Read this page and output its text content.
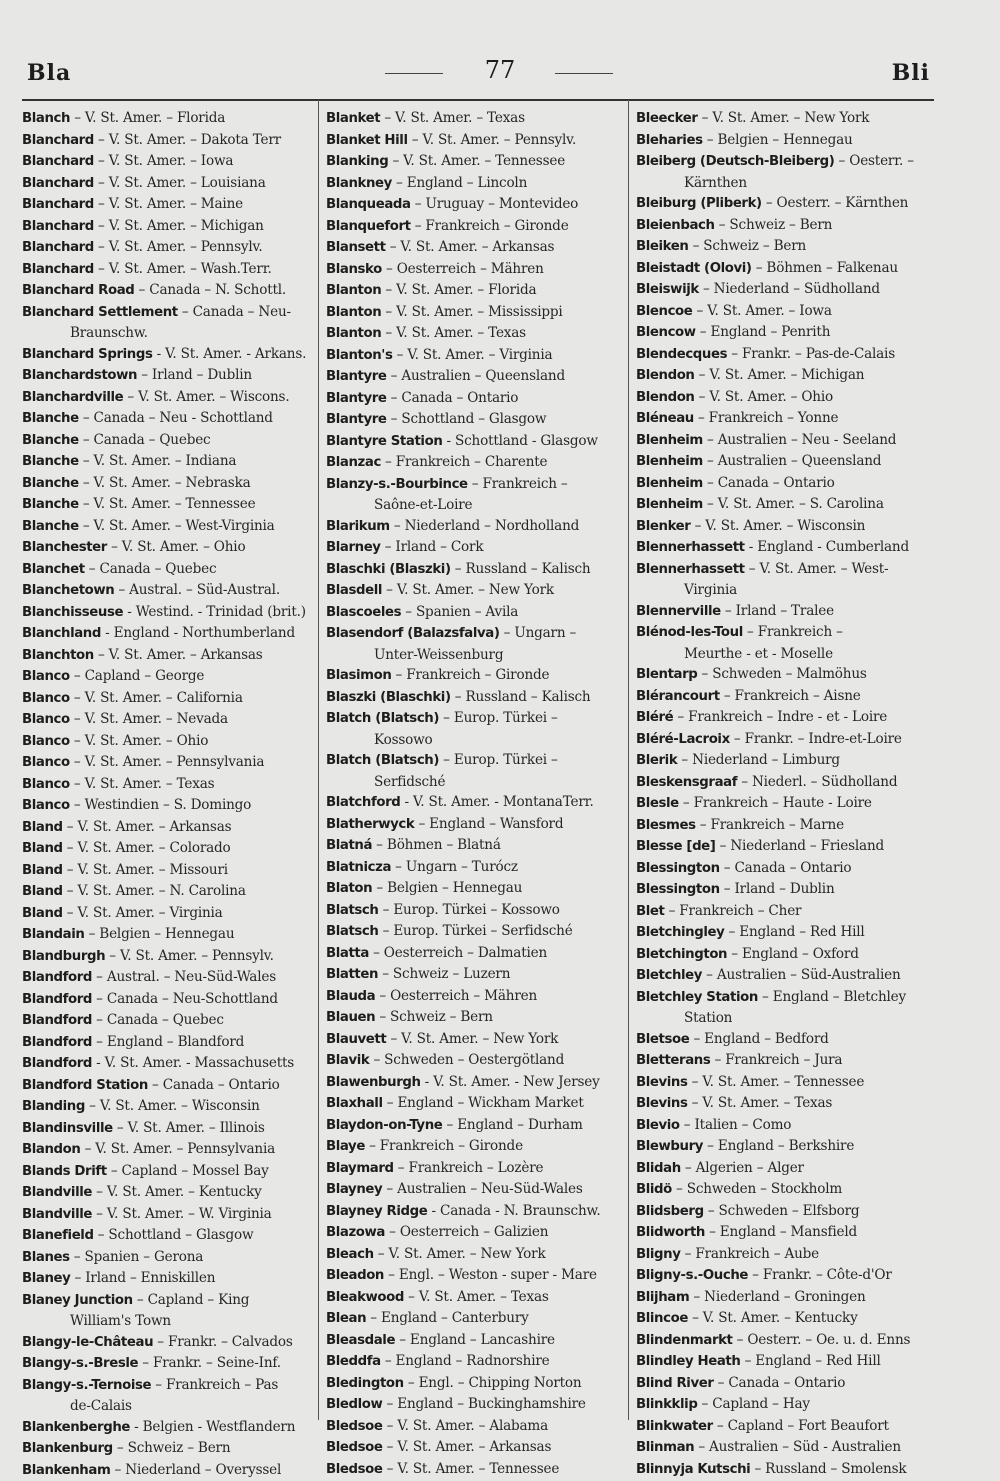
Bla	77	Bli
Blanch – V. St. Amer. – Florida
Blanchard – V. St. Amer. – Dakota Terr
Blanchard – V. St. Amer. – Iowa
Blanchard – V. St. Amer. – Louisiana
Blanchard – V. St. Amer. – Maine
Blanchard – V. St. Amer. – Michigan
Blanchard – V. St. Amer. – Pennsylv.
Blanchard – V. St. Amer. – Wash.Terr.
Blanchard Road – Canada – N. Schottl.
Blanchard Settlement – Canada – Neu-
Braunschw.
Blanchard Springs - V. St. Amer. - Arkans.
Blanchardstown – Irland – Dublin
Blanchardville – V. St. Amer. – Wiscons.
Blanche – Canada – Neu - Schottland
Blanche – Canada – Quebec
Blanche – V. St. Amer. – Indiana
Blanche – V. St. Amer. – Nebraska
Blanche – V. St. Amer. – Tennessee
Blanche – V. St. Amer. – West-Virginia
Blanchester – V. St. Amer. – Ohio
Blanchet – Canada – Quebec
Blanchetown – Austral. – Süd-Austral.
Blanchisseuse - Westind. - Trinidad (brit.)
Blanchland - England - Northumberland
Blanchton – V. St. Amer. – Arkansas
Blanco – Capland – George
Blanco – V. St. Amer. – California
Blanco – V. St. Amer. – Nevada
Blanco – V. St. Amer. – Ohio
Blanco – V. St. Amer. – Pennsylvania
Blanco – V. St. Amer. – Texas
Blanco – Westindien – S. Domingo
Bland – V. St. Amer. – Arkansas
Bland – V. St. Amer. – Colorado
Bland – V. St. Amer. – Missouri
Bland – V. St. Amer. – N. Carolina
Bland – V. St. Amer. – Virginia
Blandain – Belgien – Hennegau
Blandburgh – V. St. Amer. – Pennsylv.
Blandford – Austral. – Neu-Süd-Wales
Blandford – Canada – Neu-Schottland
Blandford – Canada – Quebec
Blandford – England – Blandford
Blandford - V. St. Amer. - Massachusetts
Blandford Station – Canada – Ontario
Blanding – V. St. Amer. – Wisconsin
Blandinsville – V. St. Amer. – Illinois
Blandon – V. St. Amer. – Pennsylvania
Blands Drift – Capland – Mossel Bay
Blandville – V. St. Amer. – Kentucky
Blandville – V. St. Amer. – W. Virginia
Blanefield – Schottland – Glasgow
Blanes – Spanien – Gerona
Blaney – Irland – Enniskillen
Blaney Junction – Capland – King
William's Town
Blangy-le-Château – Frankr. – Calvados
Blangy-s.-Bresle – Frankr. – Seine-Inf.
Blangy-s.-Ternoise – Frankreich – Pas
de-Calais
Blankenberghe - Belgien - Westflandern
Blankenburg – Schweiz – Bern
Blankenham – Niederland – Overyssel
Blanket – V. St. Amer. – Texas
Blanket Hill – V. St. Amer. – Pennsylv.
Blanking – V. St. Amer. – Tennessee
Blankney – England – Lincoln
Blanqueada – Uruguay – Montevideo
Blanquefort – Frankreich – Gironde
Blansett – V. St. Amer. – Arkansas
Blansko – Oesterreich – Mähren
Blanton – V. St. Amer. – Florida
Blanton – V. St. Amer. – Mississippi
Blanton – V. St. Amer. – Texas
Blanton's – V. St. Amer. – Virginia
Blantyre – Australien – Queensland
Blantyre – Canada – Ontario
Blantyre – Schottland – Glasgow
Blantyre Station - Schottland - Glasgow
Blanzac – Frankreich – Charente
Blanzy-s.-Bourbince – Frankreich –
Saône-et-Loire
Blarikum – Niederland – Nordholland
Blarney – Irland – Cork
Blaschki (Blaszki) – Russland – Kalisch
Blasdell – V. St. Amer. – New York
Blascoeles – Spanien – Avila
Blasendorf (Balazsfalva) – Ungarn –
Unter-Weissenburg
Blasimon – Frankreich – Gironde
Blaszki (Blaschki) – Russland – Kalisch
Blatch (Blatsch) – Europ. Türkei –
Kossowo
Blatch (Blatsch) – Europ. Türkei –
Serfidsché
Blatchford - V. St. Amer. - MontanaTerr.
Blatherwyck – England – Wansford
Blatná – Böhmen – Blatná
Blatnicza – Ungarn – Turócz
Blaton – Belgien – Hennegau
Blatsch – Europ. Türkei – Kossowo
Blatsch – Europ. Türkei – Serfidsché
Blatta – Oesterreich – Dalmatien
Blatten – Schweiz – Luzern
Blauda – Oesterreich – Mähren
Blauen – Schweiz – Bern
Blauvett – V. St. Amer. – New York
Blavik – Schweden – Oestergötland
Blawenburgh - V. St. Amer. - New Jersey
Blaxhall – England – Wickham Market
Blaydon-on-Tyne – England – Durham
Blaye – Frankreich – Gironde
Blaymard – Frankreich – Lozère
Blayney – Australien – Neu-Süd-Wales
Blayney Ridge - Canada - N. Braunschw.
Blazowa – Oesterreich – Galizien
Bleach – V. St. Amer. – New York
Bleadon – Engl. – Weston - super - Mare
Bleakwood – V. St. Amer. – Texas
Blean – England – Canterbury
Bleasdale – England – Lancashire
Bleddfa – England – Radnorshire
Bledington – Engl. – Chipping Norton
Bledlow – England – Buckinghamshire
Bledsoe – V. St. Amer. – Alabama
Bledsoe – V. St. Amer. – Arkansas
Bledsoe – V. St. Amer. – Tennessee
Bleecker – V. St. Amer. – New York
Bleharies – Belgien – Hennegau
Bleiberg (Deutsch-Bleiberg) – Oesterr. –
Kärnthen
Bleiburg (Pliberk) – Oesterr. – Kärnthen
Bleienbach – Schweiz – Bern
Bleiken – Schweiz – Bern
Bleistadt (Olovi) – Böhmen – Falkenau
Bleiswijk – Niederland – Südholland
Blencoe – V. St. Amer. – Iowa
Blencow – England – Penrith
Blendecques – Frankr. – Pas-de-Calais
Blendon – V. St. Amer. – Michigan
Blendon – V. St. Amer. – Ohio
Bléneau – Frankreich – Yonne
Blenheim – Australien – Neu - Seeland
Blenheim – Australien – Queensland
Blenheim – Canada – Ontario
Blenheim – V. St. Amer. – S. Carolina
Blenker – V. St. Amer. – Wisconsin
Blennerhassett - England - Cumberland
Blennerhassett – V. St. Amer. – West-
Virginia
Blennerville – Irland – Tralee
Blénod-les-Toul – Frankreich –
Meurthe - et - Moselle
Blentarp – Schweden – Malmöhus
Blérancourt – Frankreich – Aisne
Bléré – Frankreich – Indre - et - Loire
Bléré-Lacroix – Frankr. – Indre-et-Loire
Blerik – Niederland – Limburg
Bleskensgraaf – Niederl. – Südholland
Blesle – Frankreich – Haute - Loire
Blesmes – Frankreich – Marne
Blesse [de] – Niederland – Friesland
Blessington – Canada – Ontario
Blessington – Irland – Dublin
Blet – Frankreich – Cher
Bletchingley – England – Red Hill
Bletchington – England – Oxford
Bletchley – Australien – Süd-Australien
Bletchley Station – England – Bletchley
Station
Bletsoe – England – Bedford
Bletterans – Frankreich – Jura
Blevins – V. St. Amer. – Tennessee
Blevins – V. St. Amer. – Texas
Blevio – Italien – Como
Blewbury – England – Berkshire
Blidah – Algerien – Alger
Blidö – Schweden – Stockholm
Blidsberg – Schweden – Elfsborg
Blidworth – England – Mansfield
Bligny – Frankreich – Aube
Bligny-s.-Ouche – Frankr. – Côte-d'Or
Blijham – Niederland – Groningen
Blincoe – V. St. Amer. – Kentucky
Blindenmarkt – Oesterr. – Oe. u. d. Enns
Blindley Heath – England – Red Hill
Blind River – Canada – Ontario
Blinkklip – Capland – Hay
Blinkwater – Capland – Fort Beaufort
Blinman – Australien – Süd - Australien
Blinnyja Kutschi – Russland – Smolensk
